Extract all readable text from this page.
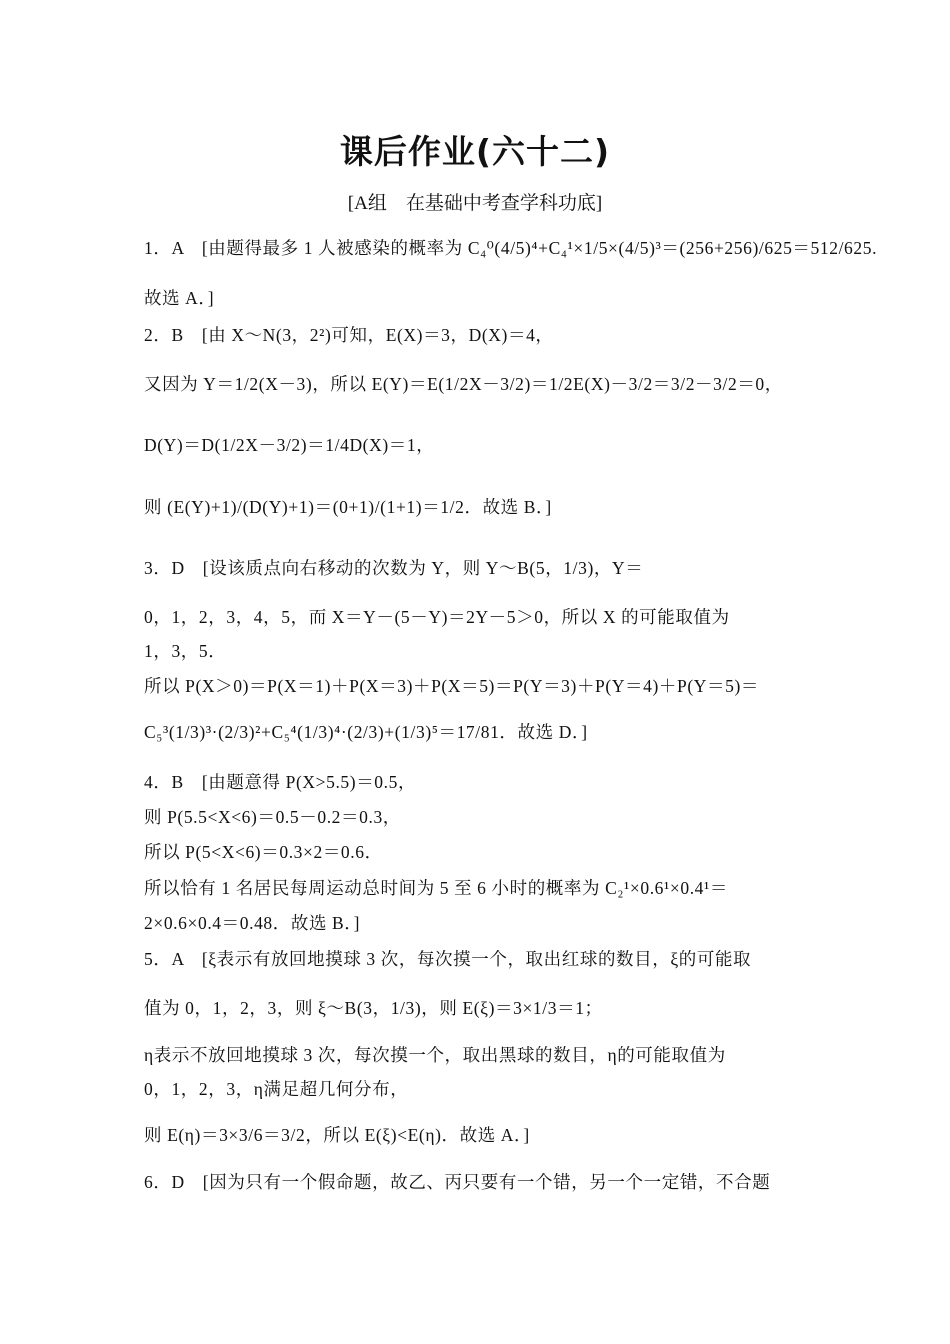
课后作业(六十二)
[A组　在基础中考查学科功底]
1．A　[由题得最多 1 人被感染的概率为 C₄⁰(4/5)⁴+C₄¹×1/5×(4/5)³＝(256+256)/625＝512/625.
故选 A．]
2．B　[由 X～N(3，2²)可知，E(X)＝3，D(X)＝4，
又因为 Y＝1/2(X－3)，所以 E(Y)＝E(1/2X－3/2)＝1/2E(X)－3/2＝3/2－3/2＝0，
D(Y)＝D(1/2X－3/2)＝1/4D(X)＝1，
则 (E(Y)+1)/(D(Y)+1)＝(0+1)/(1+1)＝1/2．故选 B．]
3．D　[设该质点向右移动的次数为 Y，则 Y～B(5，1/3)，Y＝
0，1，2，3，4，5，而 X＝Y－(5－Y)＝2Y－5＞0，所以 X 的可能取值为
1，3，5．
所以 P(X＞0)＝P(X＝1)＋P(X＝3)＋P(X＝5)＝P(Y＝3)＋P(Y＝4)＋P(Y＝5)＝
C₅³(1/3)³·(2/3)²+C₅⁴(1/3)⁴·(2/3)+(1/3)⁵＝17/81．故选 D．]
4．B　[由题意得 P(X>5.5)＝0.5，
则 P(5.5<X<6)＝0.5－0.2＝0.3，
所以 P(5<X<6)＝0.3×2＝0.6．
所以恰有 1 名居民每周运动总时间为 5 至 6 小时的概率为 C₂¹×0.6¹×0.4¹＝
2×0.6×0.4＝0.48．故选 B．]
5．A　[ξ表示有放回地摸球 3 次，每次摸一个，取出红球的数目，ξ的可能取
值为 0，1，2，3，则 ξ～B(3，1/3)，则 E(ξ)＝3×1/3＝1；
η表示不放回地摸球 3 次，每次摸一个，取出黑球的数目，η的可能取值为
0，1，2，3，η满足超几何分布，
则 E(η)＝3×3/6＝3/2，所以 E(ξ)<E(η)．故选 A．]
6．D　[因为只有一个假命题，故乙、丙只要有一个错，另一个一定错，不合题
